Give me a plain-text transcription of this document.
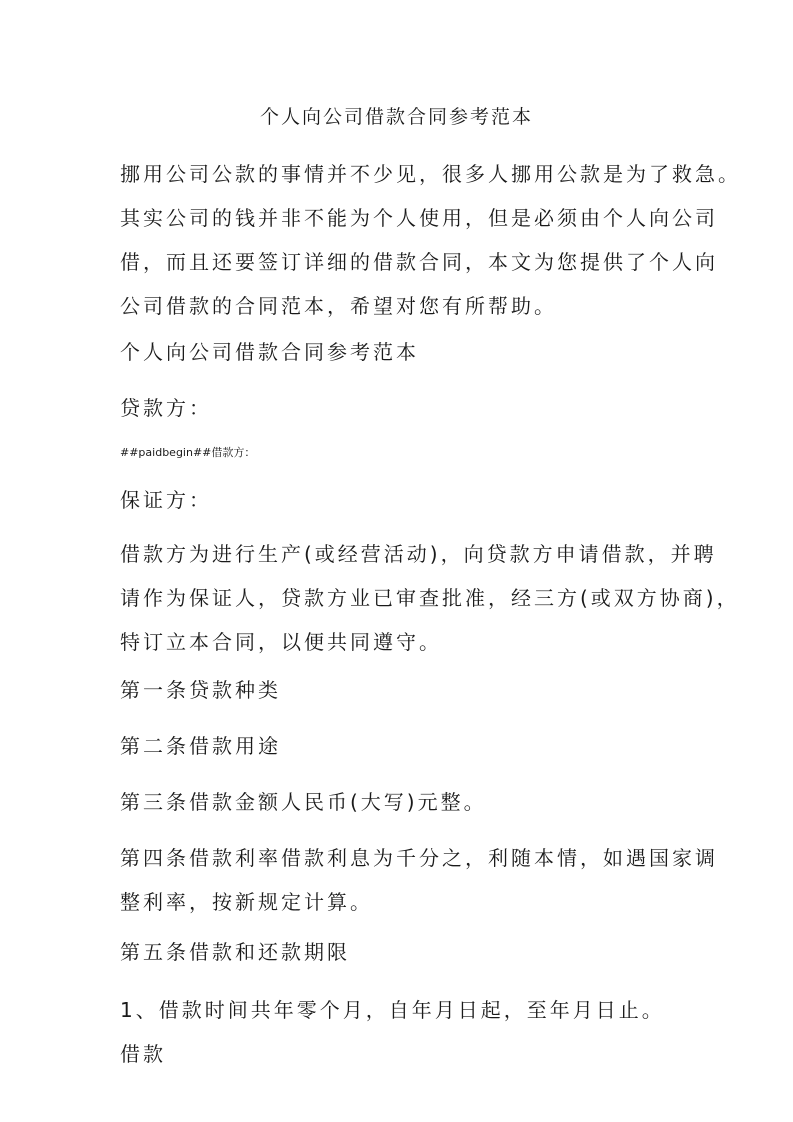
个人向公司借款合同参考范本
挪用公司公款的事情并不少见，很多人挪用公款是为了救急。
其实公司的钱并非不能为个人使用，但是必须由个人向公司
借，而且还要签订详细的借款合同，本文为您提供了个人向
公司借款的合同范本，希望对您有所帮助。
个人向公司借款合同参考范本
贷款方：
##paidbegin##借款方：
保证方：
借款方为进行生产(或经营活动)，向贷款方申请借款，并聘
请作为保证人，贷款方业已审查批准，经三方(或双方协商)，
特订立本合同，以便共同遵守。
第一条贷款种类
第二条借款用途
第三条借款金额人民币(大写)元整。
第四条借款利率借款利息为千分之，利随本情，如遇国家调
整利率，按新规定计算。
第五条借款和还款期限
1、借款时间共年零个月，自年月日起，至年月日止。借款
